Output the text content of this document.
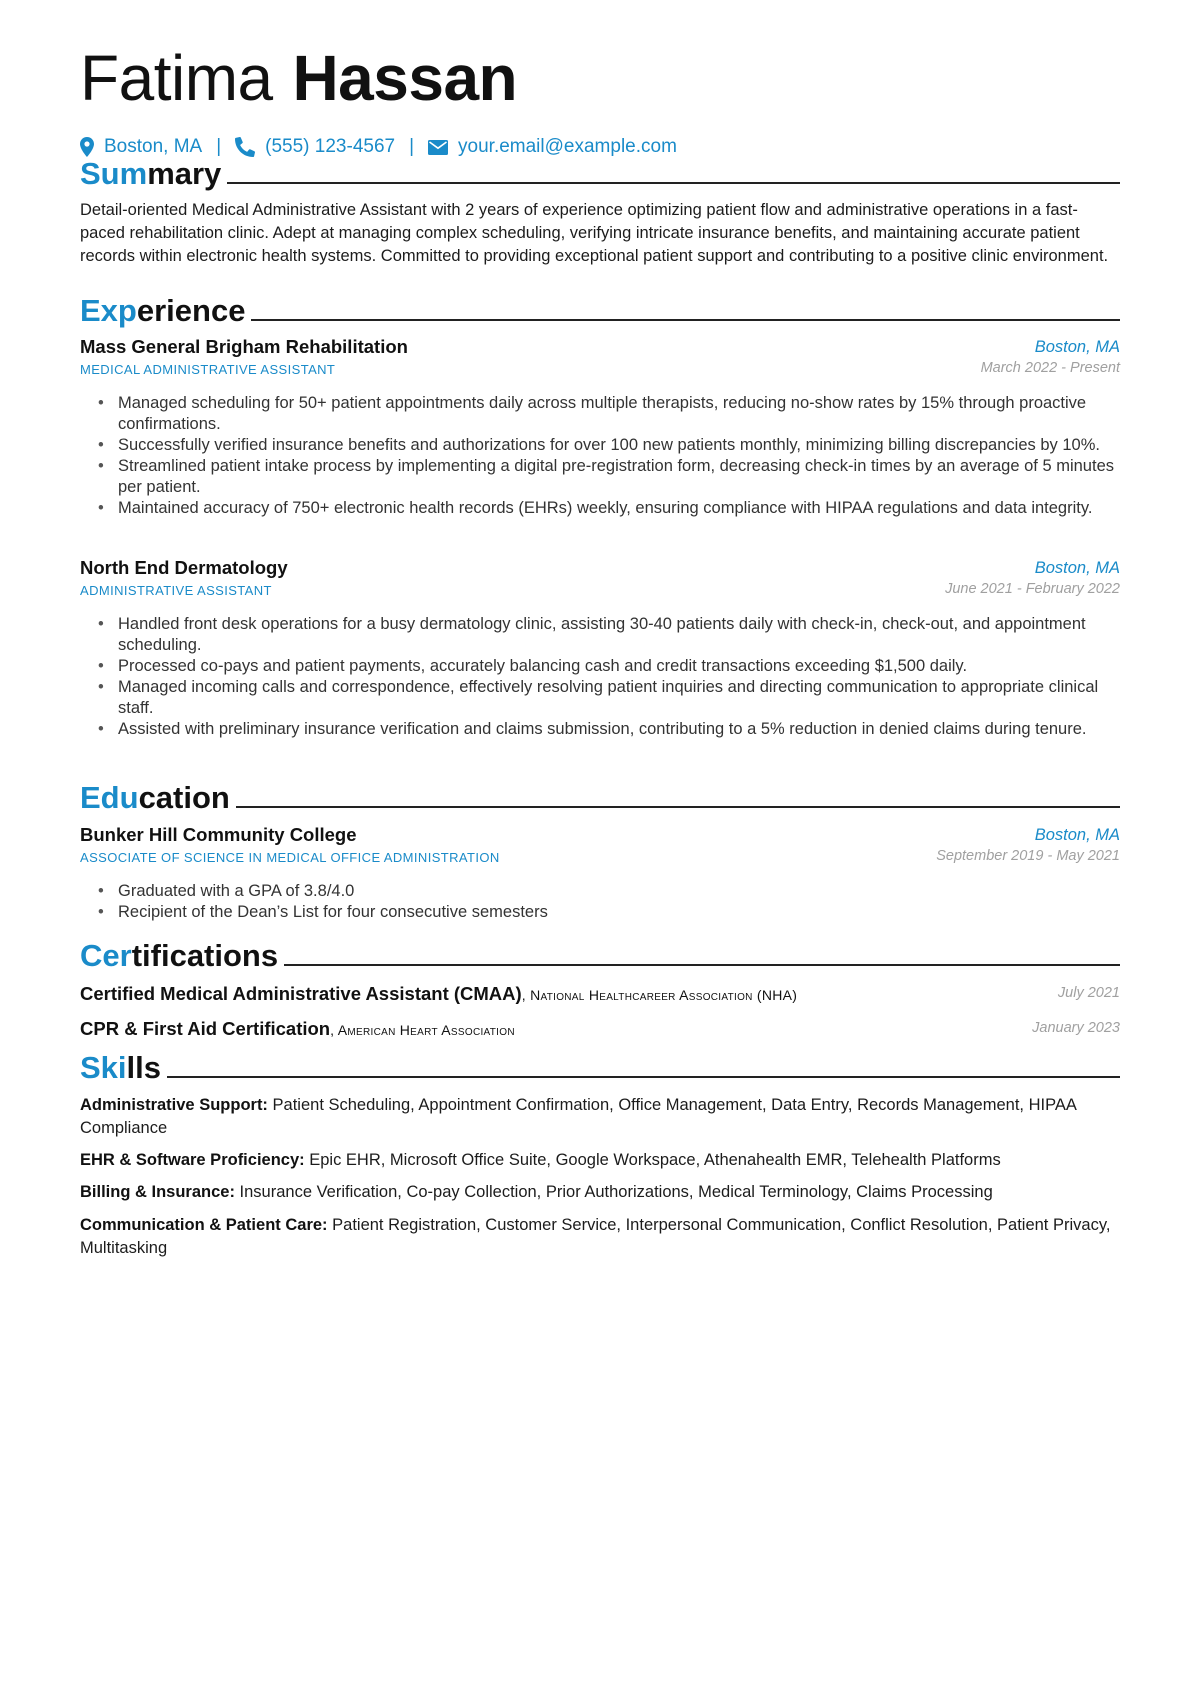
Fatima Hassan
Boston, MA | (555) 123-4567 | your.email@example.com
Sum mary
Detail-oriented Medical Administrative Assistant with 2 years of experience optimizing patient flow and administrative operations in a fast-paced rehabilitation clinic. Adept at managing complex scheduling, verifying intricate insurance benefits, and maintaining accurate patient records within electronic health systems. Committed to providing exceptional patient support and contributing to a positive clinic environment.
Exp erience
Mass General Brigham Rehabilitation	Boston, MA
MEDICAL ADMINISTRATIVE ASSISTANT	March 2022 - Present
• Managed scheduling for 50+ patient appointments daily across multiple therapists, reducing no-show rates by 15% through proactive confirmations.
• Successfully verified insurance benefits and authorizations for over 100 new patients monthly, minimizing billing discrepancies by 10%.
• Streamlined patient intake process by implementing a digital pre-registration form, decreasing check-in times by an average of 5 minutes per patient.
• Maintained accuracy of 750+ electronic health records (EHRs) weekly, ensuring compliance with HIPAA regulations and data integrity.
North End Dermatology	Boston, MA
ADMINISTRATIVE ASSISTANT	June 2021 - February 2022
• Handled front desk operations for a busy dermatology clinic, assisting 30-40 patients daily with check-in, check-out, and appointment scheduling.
• Processed co-pays and patient payments, accurately balancing cash and credit transactions exceeding $1,500 daily.
• Managed incoming calls and correspondence, effectively resolving patient inquiries and directing communication to appropriate clinical staff.
• Assisted with preliminary insurance verification and claims submission, contributing to a 5% reduction in denied claims during tenure.
Edu cation
Bunker Hill Community College	Boston, MA
ASSOCIATE OF SCIENCE IN MEDICAL OFFICE ADMINISTRATION	September 2019 - May 2021
• Graduated with a GPA of 3.8/4.0
• Recipient of the Dean’s List for four consecutive semesters
Cer tifications
Certified Medical Administrative Assistant (CMAA), National Healthcareer Association (NHA)	July 2021
CPR & First Aid Certification, American Heart Association	January 2023
Ski lls
Administrative Support: Patient Scheduling, Appointment Confirmation, Office Management, Data Entry, Records Management, HIPAA Compliance
EHR & Software Proficiency: Epic EHR, Microsoft Office Suite, Google Workspace, Athenahealth EMR, Telehealth Platforms
Billing & Insurance: Insurance Verification, Co-pay Collection, Prior Authorizations, Medical Terminology, Claims Processing
Communication & Patient Care: Patient Registration, Customer Service, Interpersonal Communication, Conflict Resolution, Patient Privacy, Multitasking
